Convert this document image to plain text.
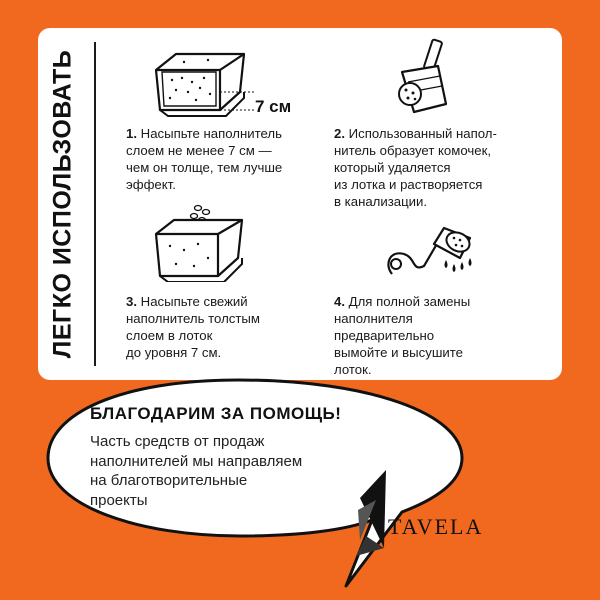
ЛЕГКО ИСПОЛЬЗОВАТЬ	7 см
1. Насыпьте наполнитель
слоем не менее 7 см —
чем он толще, тем лучше
эффект.
2. Использованный напол-
нитель образует комочек,
который удаляется
из лотка и растворяется
в канализации.
3. Насыпьте свежий
наполнитель толстым
слоем в лоток
до уровня 7 см.
4. Для полной замены
наполнителя
предварительно
вымойте и высушите
лоток.
БЛАГОДАРИМ ЗА ПОМОЩЬ!
Часть средств от продаж
наполнителей мы направляем
на благотворительные
проекты
TAVELA
